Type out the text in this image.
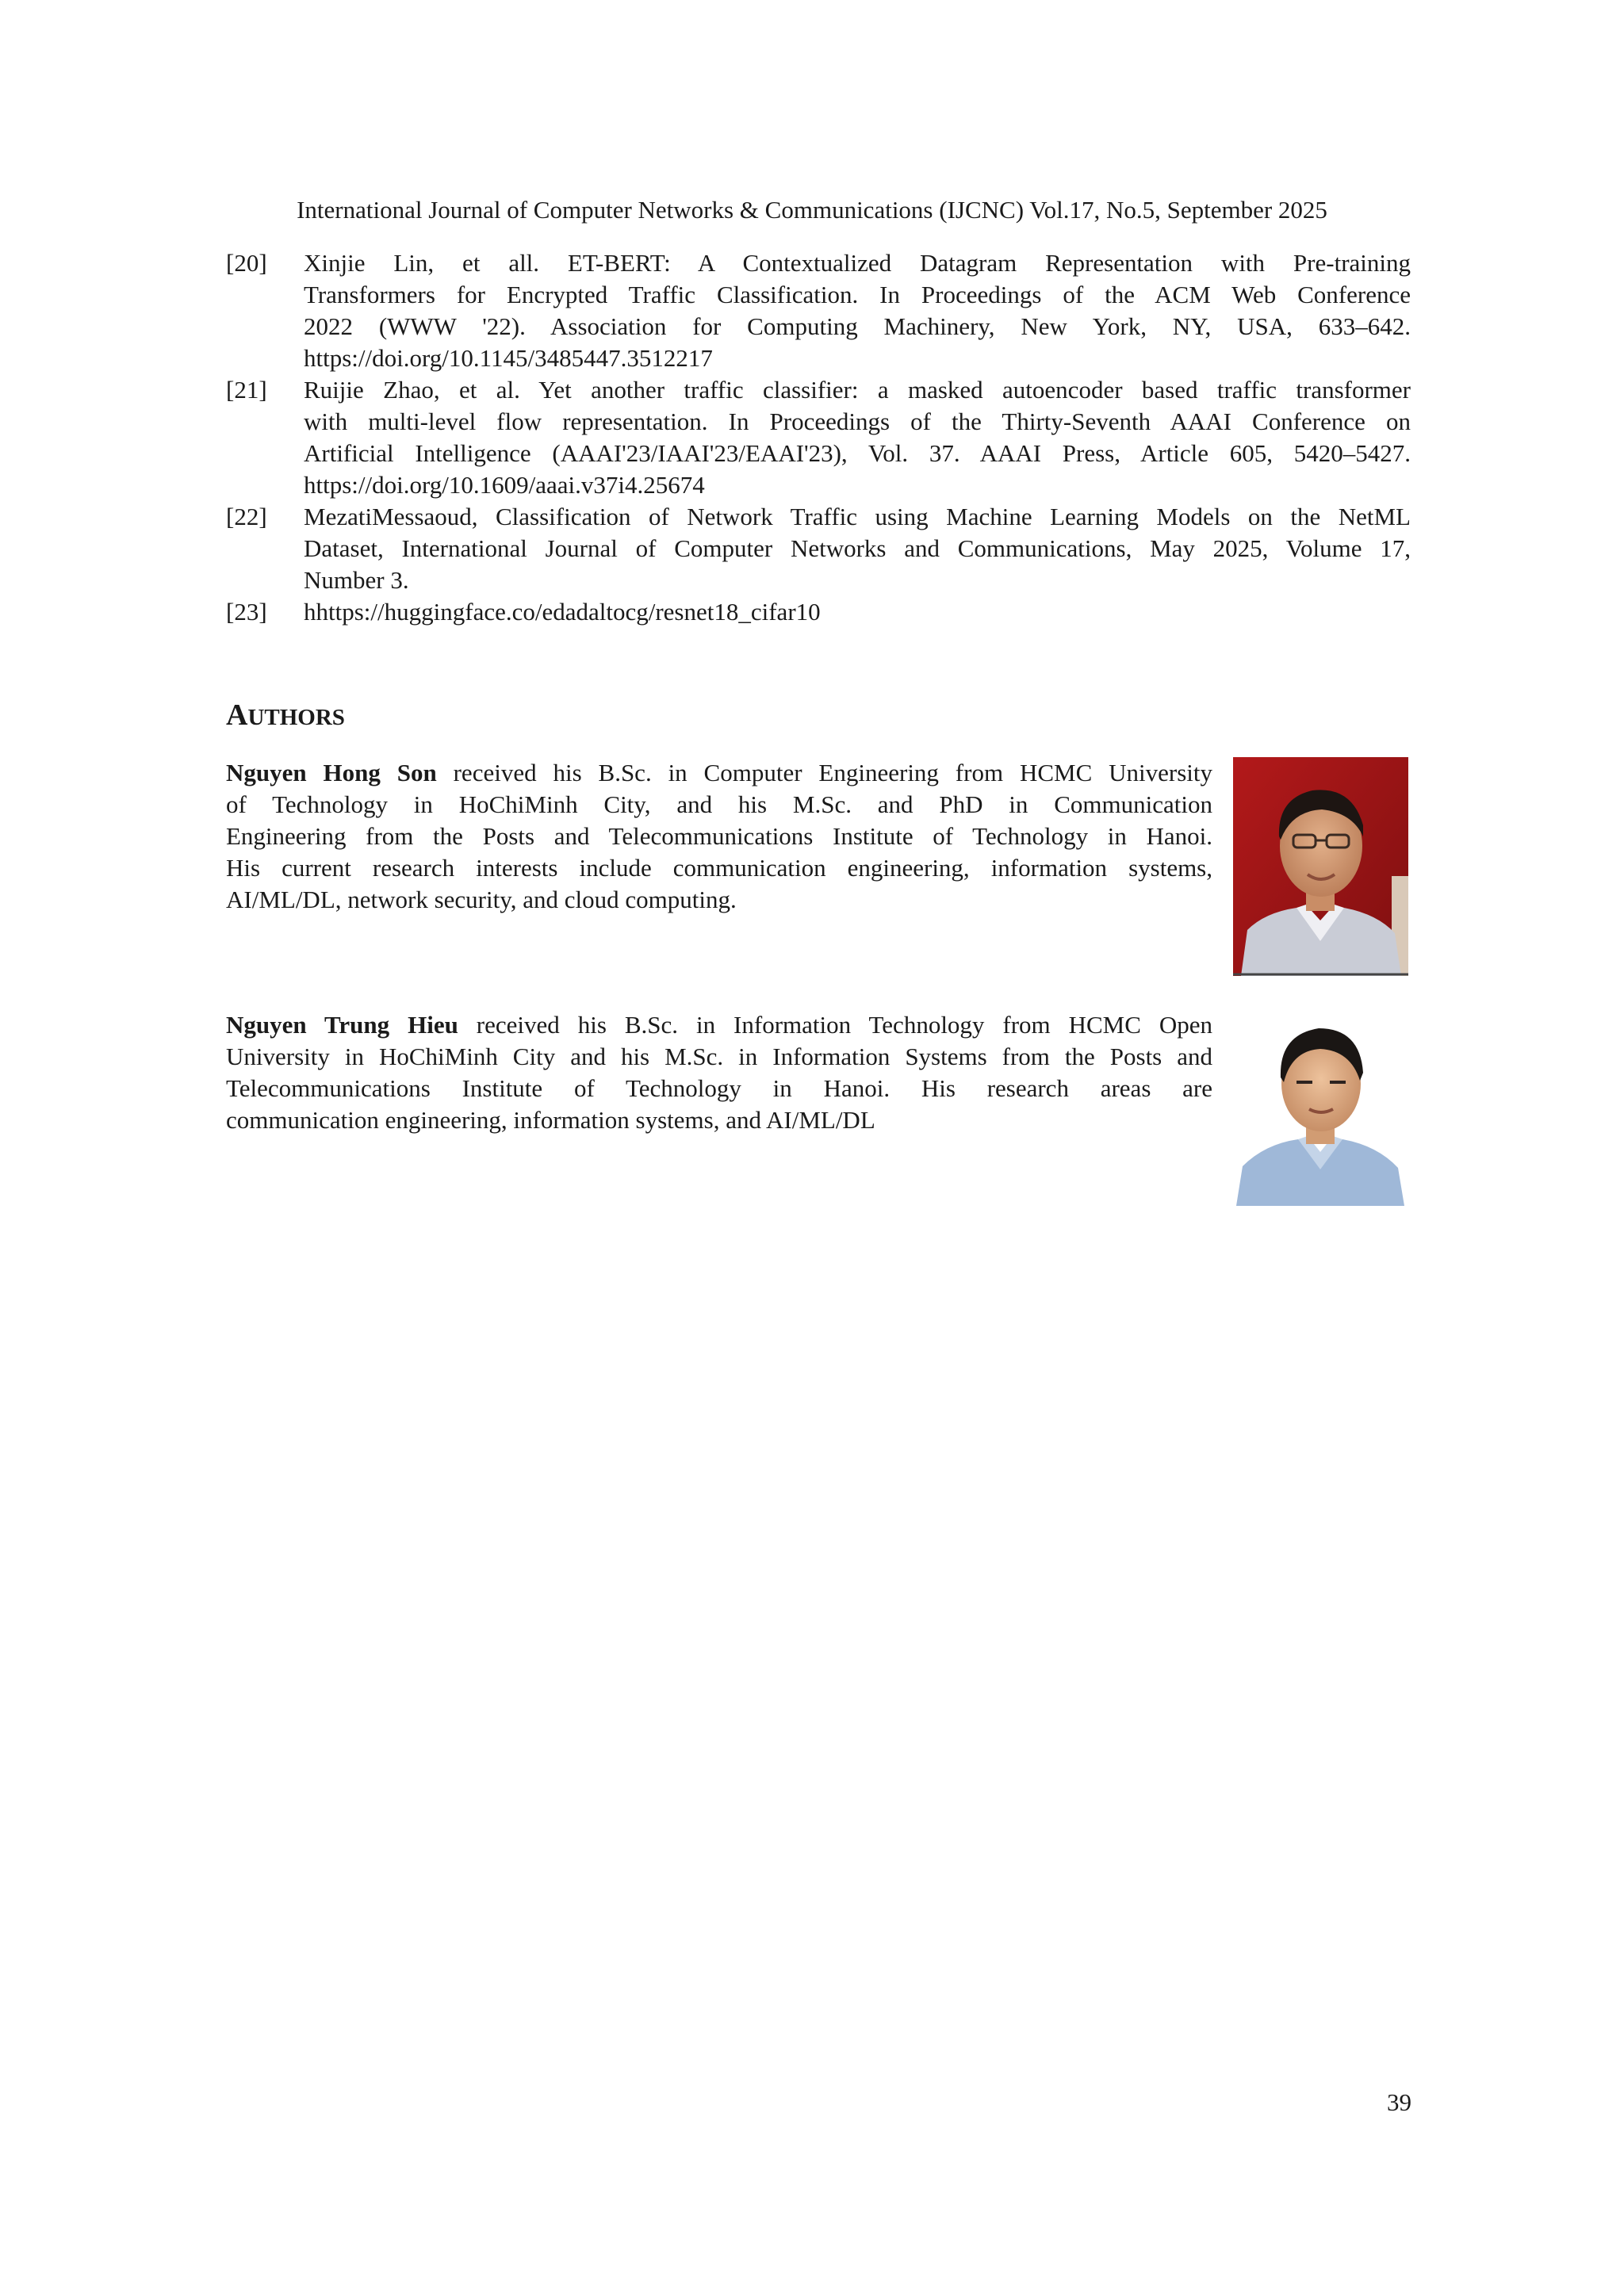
International Journal of Computer Networks & Communications (IJCNC) Vol.17, No.5, September 2025
[20] Xinjie Lin, et all. ET-BERT: A Contextualized Datagram Representation with Pre-training
Transformers for Encrypted Traffic Classification. In Proceedings of the ACM Web Conference
2022 (WWW '22). Association for Computing Machinery, New York, NY, USA, 633–642.
https://doi.org/10.1145/3485447.3512217
[21] Ruijie Zhao, et al. Yet another traffic classifier: a masked autoencoder based traffic transformer
with multi-level flow representation. In Proceedings of the Thirty-Seventh AAAI Conference on
Artificial Intelligence (AAAI'23/IAAI'23/EAAI'23), Vol. 37. AAAI Press, Article 605, 5420–5427.
https://doi.org/10.1609/aaai.v37i4.25674
[22] MezatiMessaoud, Classification of Network Traffic using Machine Learning Models on the NetML
Dataset, International Journal of Computer Networks and Communications, May 2025, Volume 17,
Number 3.
[23] hhttps://huggingface.co/edadaltocg/resnet18_cifar10
AUTHORS
Nguyen Hong Son received his B.Sc. in Computer Engineering from HCMC University
of Technology in HoChiMinh City, and his M.Sc. and PhD in Communication
Engineering from the Posts and Telecommunications Institute of Technology in Hanoi.
His current research interests include communication engineering, information systems,
AI/ML/DL, network security, and cloud computing.
Nguyen Trung Hieu received his B.Sc. in Information Technology from HCMC Open
University in HoChiMinh City and his M.Sc. in Information Systems from the Posts and
Telecommunications Institute of Technology in Hanoi. His research areas are
communication engineering, information systems, and AI/ML/DL
39
